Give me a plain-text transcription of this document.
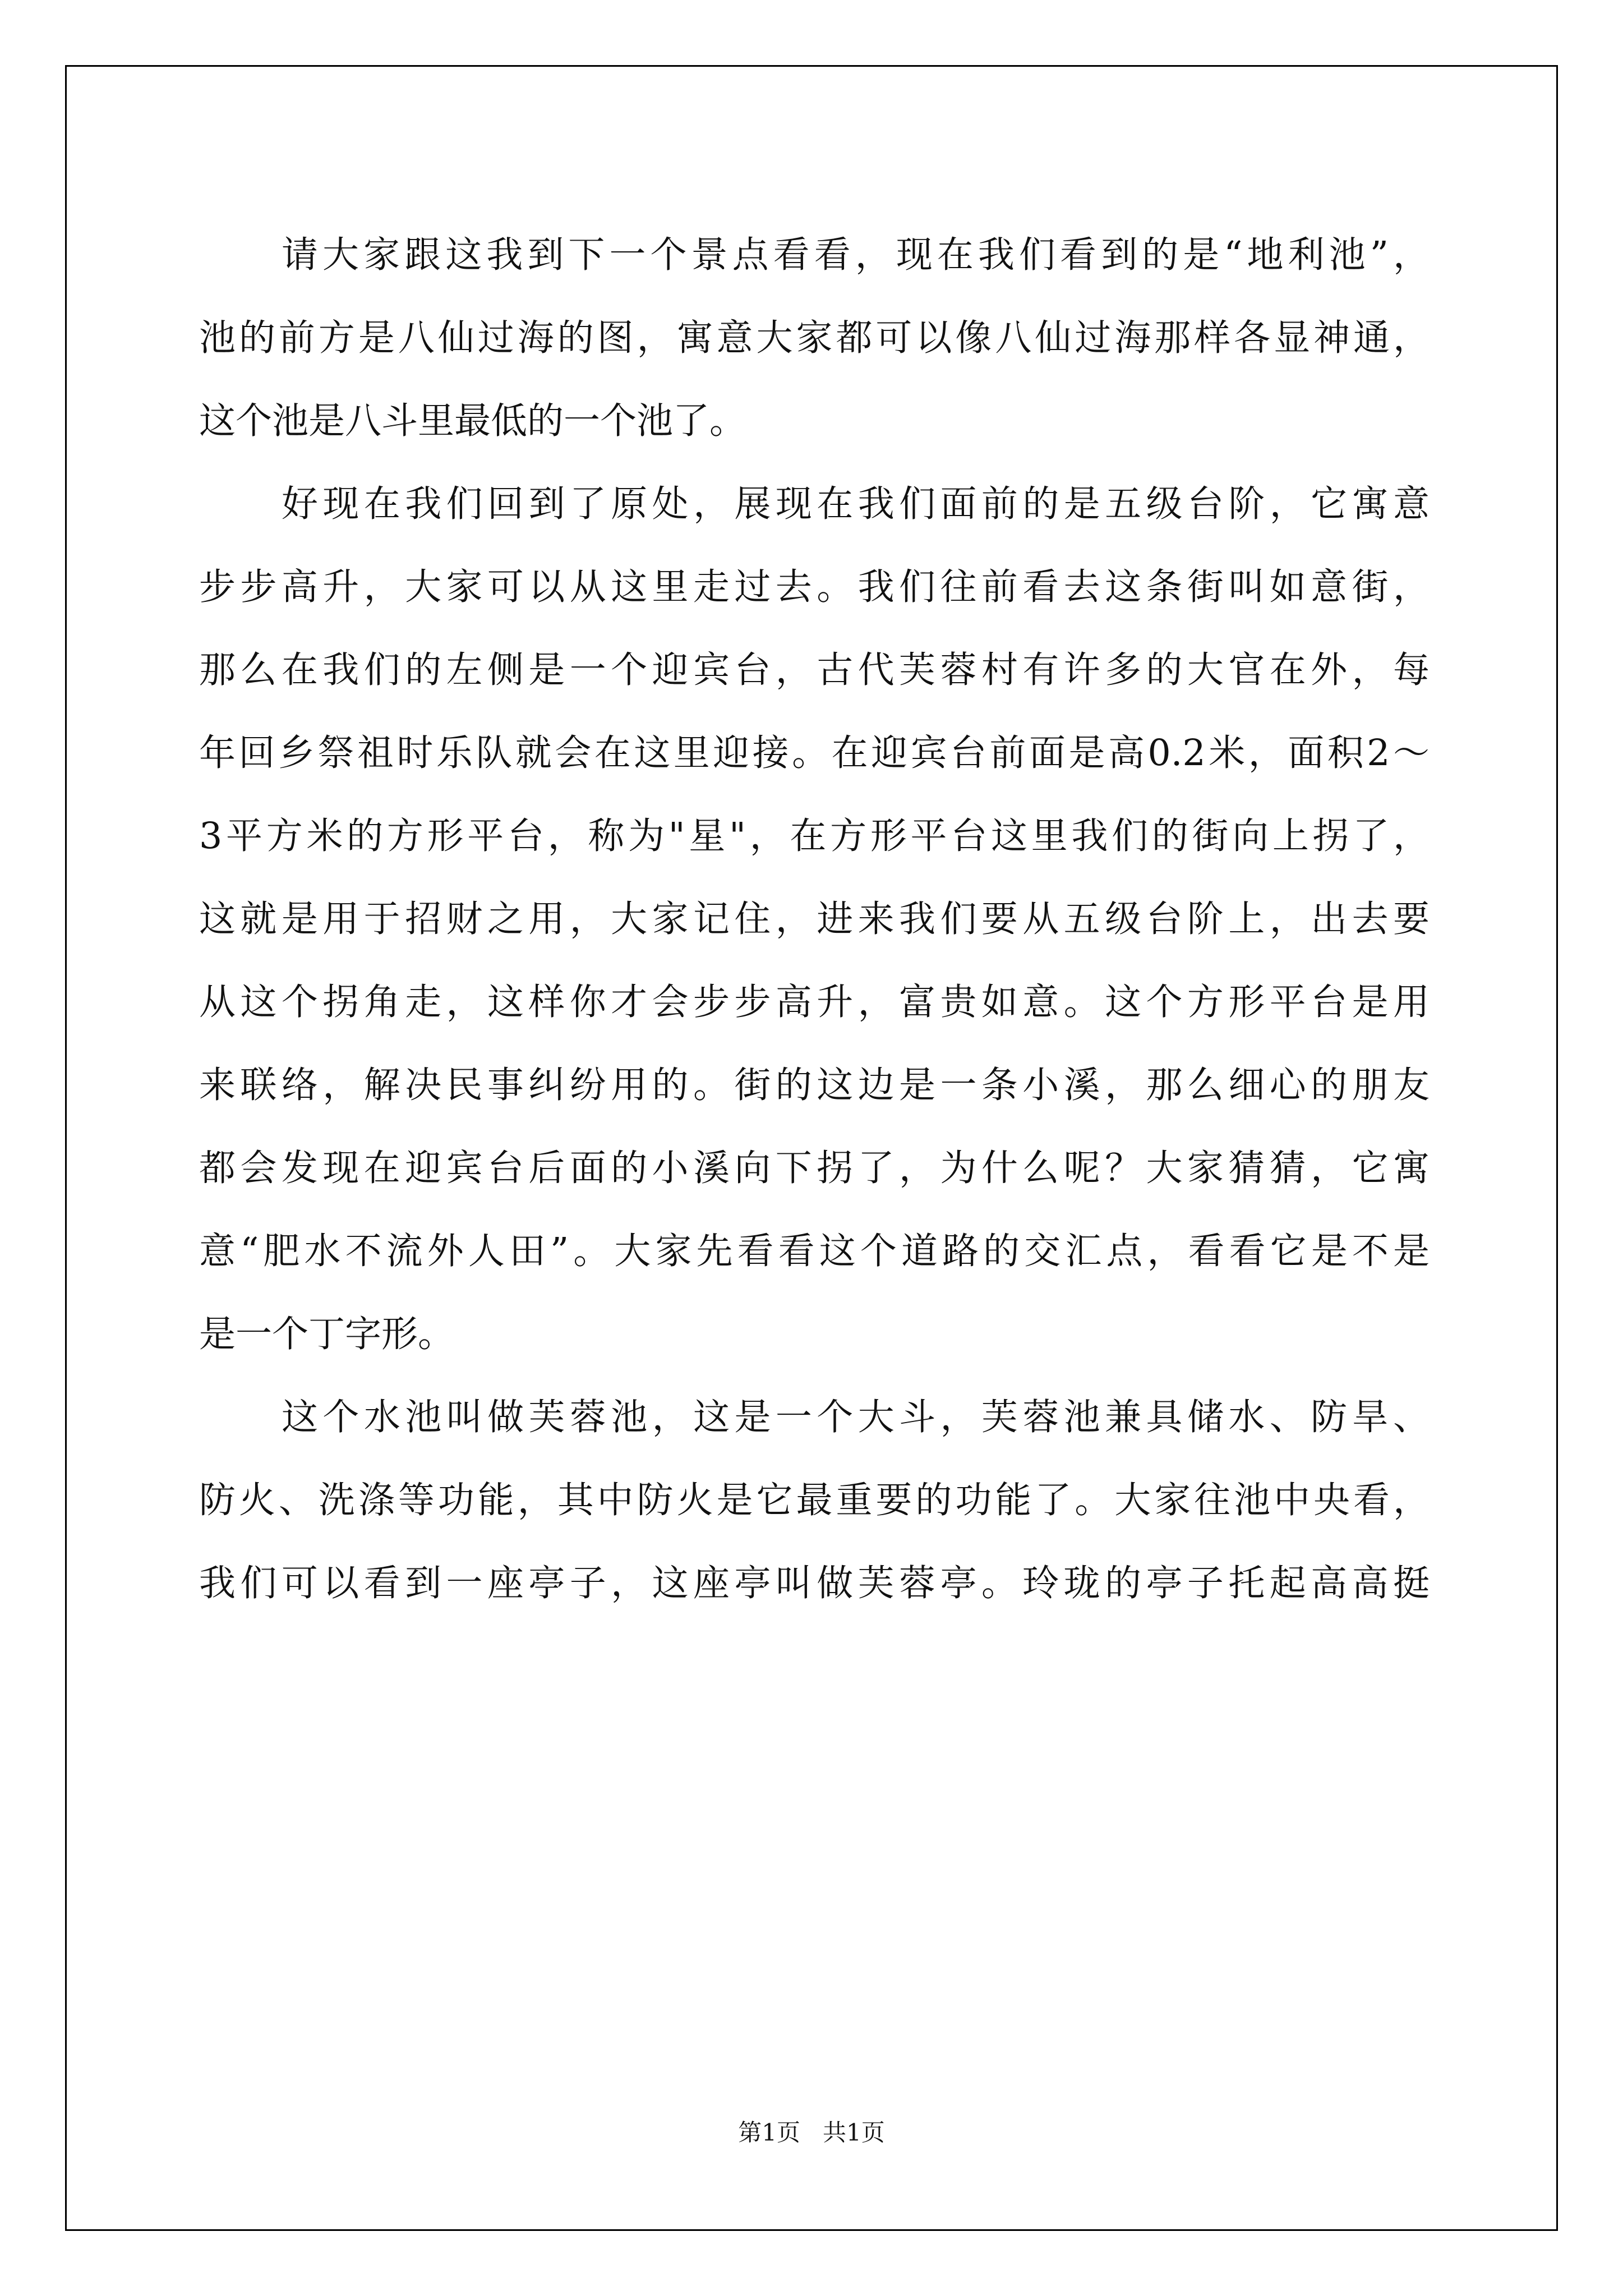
请大家跟这我到下一个景点看看，现在我们看到的是“地利池”，
池的前方是八仙过海的图，寓意大家都可以像八仙过海那样各显神通，
这个池是八斗里最低的一个池了。
好现在我们回到了原处，展现在我们面前的是五级台阶，它寓意
步步高升，大家可以从这里走过去。我们往前看去这条街叫如意街，
那么在我们的左侧是一个迎宾台，古代芙蓉村有许多的大官在外，每
年回乡祭祖时乐队就会在这里迎接。在迎宾台前面是高0.2米，面积2～
3平方米的方形平台，称为"星"，在方形平台这里我们的街向上拐了，
这就是用于招财之用，大家记住，进来我们要从五级台阶上，出去要
从这个拐角走，这样你才会步步高升，富贵如意。这个方形平台是用
来联络，解决民事纠纷用的。街的这边是一条小溪，那么细心的朋友
都会发现在迎宾台后面的小溪向下拐了，为什么呢？大家猜猜，它寓
意“肥水不流外人田”。大家先看看这个道路的交汇点，看看它是不是
是一个丁字形。
这个水池叫做芙蓉池，这是一个大斗，芙蓉池兼具储水、防旱、
防火、洗涤等功能，其中防火是它最重要的功能了。大家往池中央看，
我们可以看到一座亭子，这座亭叫做芙蓉亭。玲珑的亭子托起高高挺
第1页   共1页
